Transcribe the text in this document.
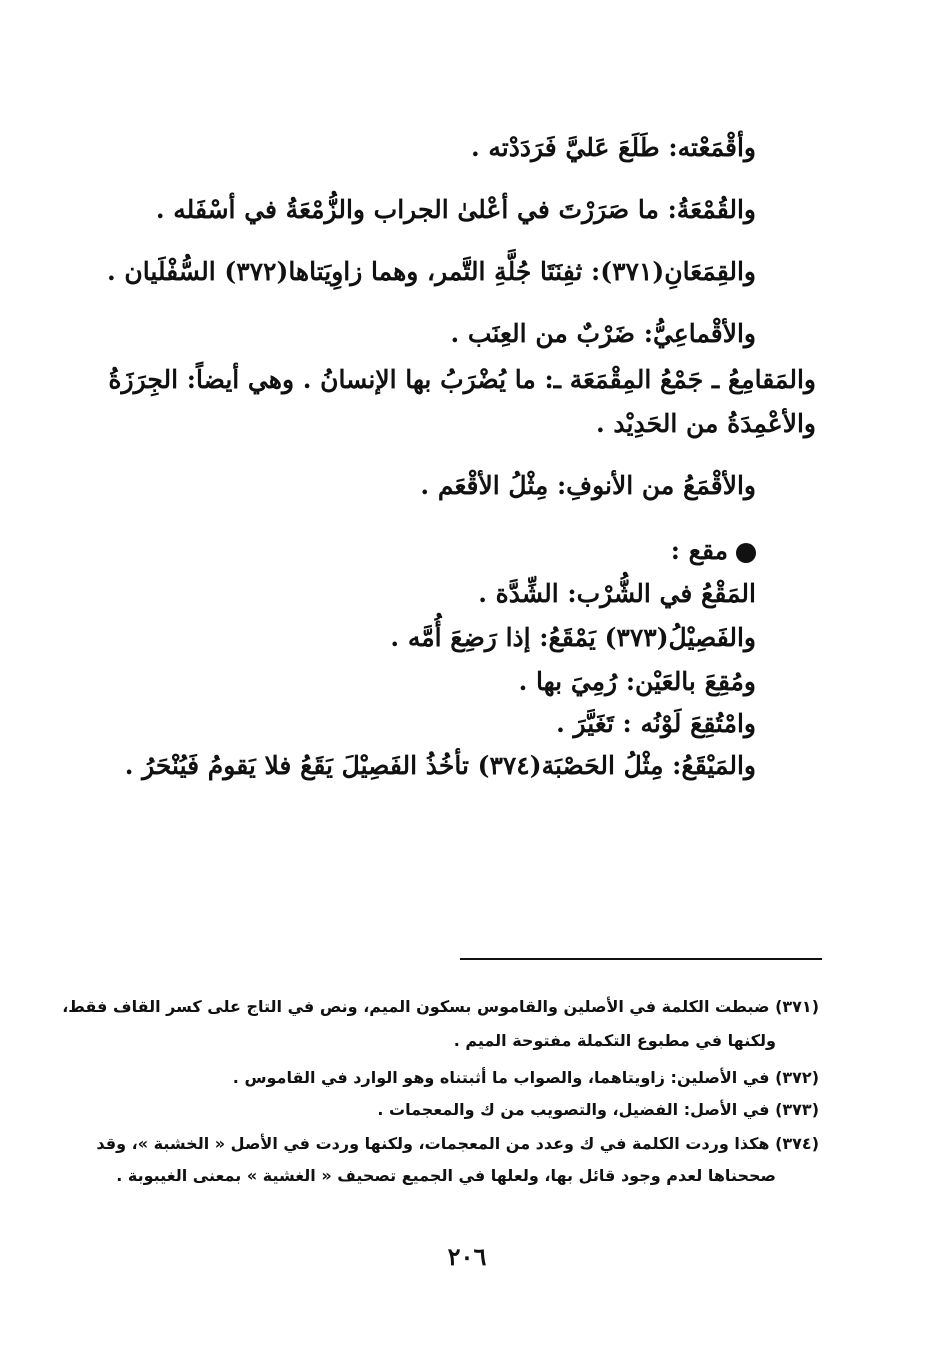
وأقْمَعْته: طَلَعَ عَليَّ فَرَدَدْته .
والقُمْعَةُ: ما صَرَرْتَ في أعْلىٰ الجراب والزُّمْعَةُ في أسْفَله .
والقِمَعَانِ(٣٧١): ثفِنَتَا جُلَّةِ التَّمر، وهما زاوِيَتاها(٣٧٢) السُّفْلَيان .
والأقْماعِيُّ: ضَرْبٌ من العِنَب .
والمَقامِعُ ـ جَمْعُ المِقْمَعَة ـ: ما يُضْرَبُ بها الإنسانُ . وهي أيضاً: الجِرَزَةُ
والأعْمِدَةُ من الحَدِيْد .
والأقْمَعُ من الأنوفِ: مِثْلُ الأقْعَم .
مقع :
المَقْعُ في الشُّرْب: الشِّدَّة .
والفَصِيْلُ(٣٧٣) يَمْقَعُ: إذا رَضِعَ أُمَّه .
ومُقِعَ بالعَيْن: رُمِيَ بها .
وامْتُقِعَ لَوْنُه : تَغَيَّرَ .
والمَيْقَعُ: مِثْلُ الحَصْبَة(٣٧٤) تأخُذُ الفَصِيْلَ يَقَعُ فلا يَقومُ فَيُنْحَرُ .
(٣٧١) ضبطت الكلمة في الأصلين والقاموس بسكون الميم، ونص في التاج على كسر القاف فقط،
ولكنها في مطبوع التكملة مفتوحة الميم .
(٣٧٢) في الأصلين: زاويتاهما، والصواب ما أثبتناه وهو الوارد في القاموس .
(٣٧٣) في الأصل: الفضيل، والتصويب من ك والمعجمات .
(٣٧٤) هكذا وردت الكلمة في ك وعدد من المعجمات، ولكنها وردت في الأصل « الخشبة »، وقد
صححناها لعدم وجود قائل بها، ولعلها في الجميع تصحيف « الغشية » بمعنى الغيبوبة .
٢٠٦
